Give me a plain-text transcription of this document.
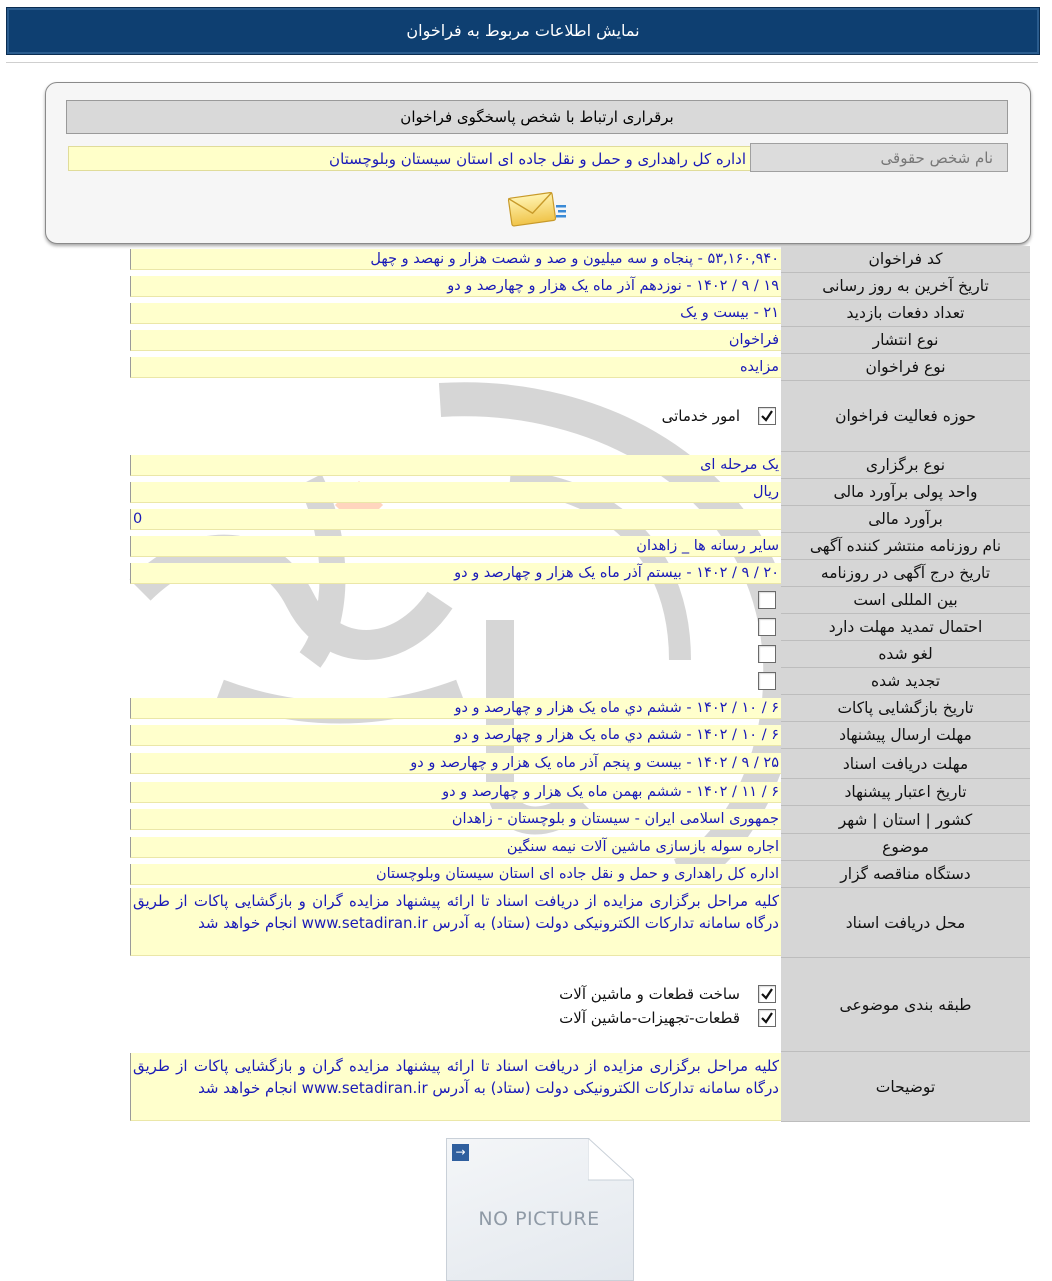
نمایش اطلاعات مربوط به فراخوان
برقراری ارتباط با شخص پاسخگوی فراخوان
نام شخص حقوقی
اداره کل راهداری و حمل و نقل جاده ای استان سیستان وبلوچستان
کد فراخوان
۵۳,۱۶۰,۹۴۰ - پنجاه و سه میلیون و صد و شصت هزار و نهصد و چهل
تاریخ آخرین به روز رسانی
۱۹ / ۹ / ۱۴۰۲ - نوزدهم آذر ماه یک هزار و چهارصد و دو
تعداد دفعات بازدید
۲۱ - بیست و یک
نوع انتشار
فراخوان
نوع فراخوان
مزایده
حوزه فعالیت فراخوان
امور خدماتی
نوع برگزاری
یک مرحله ای
واحد پولی برآورد مالی
ریال
برآورد مالی
0
نام روزنامه منتشر کننده آگهی
سایر رسانه ها _ زاهدان
تاریخ درج آگهی در روزنامه
۲۰ / ۹ / ۱۴۰۲ - بیستم آذر ماه یک هزار و چهارصد و دو
بین المللی است
احتمال تمدید مهلت دارد
لغو شده
تجدید شده
تاریخ بازگشایی پاکات
۶ / ۱۰ / ۱۴۰۲ - ششم دي ماه یک هزار و چهارصد و دو
مهلت ارسال پیشنهاد
۶ / ۱۰ / ۱۴۰۲ - ششم دي ماه یک هزار و چهارصد و دو
مهلت دریافت اسناد
۲۵ / ۹ / ۱۴۰۲ - بیست و پنجم آذر ماه یک هزار و چهارصد و دو
تاریخ اعتبار پیشنهاد
۶ / ۱۱ / ۱۴۰۲ - ششم بهمن ماه یک هزار و چهارصد و دو
کشور | استان | شهر
جمهوری اسلامی ایران - سیستان و بلوچستان - زاهدان
موضوع
اجاره سوله بازسازی ماشین آلات نیمه سنگین
دستگاه مناقصه گزار
اداره کل راهداری و حمل و نقل جاده ای استان سیستان وبلوچستان
محل دریافت اسناد
کلیه مراحل برگزاری مزایده از دریافت اسناد تا ارائه پیشنهاد مزایده گران و بازگشایی پاکات از طریق درگاه سامانه تدارکات الکترونیکی دولت (ستاد) به آدرس www.setadiran.ir انجام خواهد شد
طبقه بندی موضوعی
ساخت قطعات و ماشین آلات
قطعات-تجهیزات-ماشین آلات
توضیحات
کلیه مراحل برگزاری مزایده از دریافت اسناد تا ارائه پیشنهاد مزایده گران و بازگشایی پاکات از طریق درگاه سامانه تدارکات الکترونیکی دولت (ستاد) به آدرس www.setadiran.ir انجام خواهد شد
→
NO PICTURE
